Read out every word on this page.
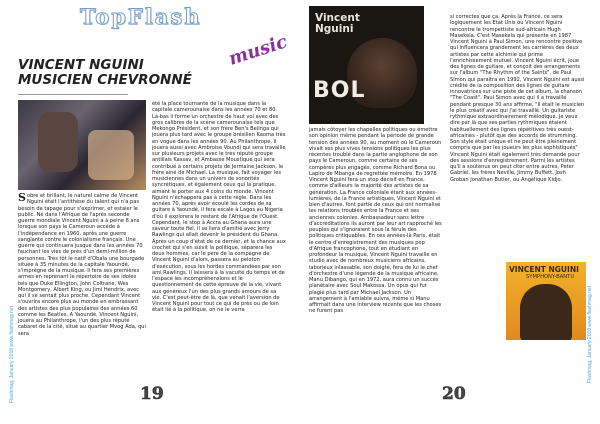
Flashmag, January 2018 www.flashmag.net
TopFlash
music
VINCENT NGUINI
MUSICIEN CHEVRONNÉ
Sobre et brillant, le naturel calme de Vincent Nguini était l'antithèse du talent qui n'a pas besoin de tapage pour s'exprimer, et estaier le public. Né dans l'Afrique de l'après seconde guerre mondiale Vincent Nguini a à peine 8 ans lorsque son pays le Cameroun accède à l'indépendance en 1960, après une guerre sanglante contre le colonialisme français. Une guerre qui continuera jusque dans les années 70 fauchant les vies de près d'un demi-million de personnes. Très tôt le natif d'Obala une bourgade située à 35 minutes de la capitale Yaoundé, s'imprègne de la musique. Il fera ses premières armes en reprenant le répertoire de ses idoles tels que Duke Ellington, John Coltrane, Wes Montgomery, Albert King, ou Jimi Hendrix, avec qui il se sentait plus proche. Cependant Vincent s'ouvrira encore plus au monde en embrassant des artistes des plus populaires des années 60 comme les Beatles. A Yaoundé, Vincent Nguini, jouera au Philanthrope, l'un des plus réputé cabaret de la cité, situé au quartier Mvog Ada, qui sera
été la place tournante de la musique dans la capitale camerounaise dans les années 70 et 80. Là-bas il forme un orchestre de haut vol avec des gros calibres de la scène camerounaise tels que Mekongo Président, et son frère Ben's Belinga qui jouera plus tard avec le groupe brésilien Kaoma très en vogue dans les années 90. Au Philanthrope, il jouera aussi avec Ambroise Voundi qui sera travaille sur plusieurs projets avec le très réputé groupe antillais Kassav, et Ambasse Moustique qui sera contribué à certains projets de Jermaine Jackson, le frère ainé de Michael. La musique, fait voyager les musiciennes dans un univers de sonorités syncrétiques, et également ceux qui la pratique, aimant le porter aux 4 coins du monde. Vincent Nguini n'échappera pas à cette règle. Dans les années 70, après avoir écoulé les cordes de sa guitare à Yaoundé, il fera escale à Lagos au Nigeria d'où il explorera le restant de l'Afrique de l'Ouest. Cependant, le stop à Accra au Ghana aura une saveur toute fiel. Il se liera d'amitié avec Jerry Rawlings qui allait devenir le président du Ghana. Après un coup d'état de ce dernier, et la chance aux crochet qui s'en suivit la politique, séparera les deux hommes, car le père de la compagne de Vincent Nguini d'alors, passera au peloton d'exécution, sous les hordes commandées par son ami Rawlings. Il laissera à la vacuité du temps et de l'espace les incompréhensions et le questionnement de cette épreuve de la vie, vivant aux généreux l'un des plus grands amours de sa vie. C'est peut-être de là, que venait l'aversion de Vincent Nguini pour tout ce qui de près ou de loin était lié à la politique, on ne le verra
19
Vincent
Nguini
BOL
jamais côtoyer les chapelles politiques ou émettre son opinion même pendant la période de grande tension des années 90, au moment où le Cameroun vivait ses plus vives tensions politiques les plus récentes troublé dans la partie anglophone de son pays le Cameroun, comme certains de ses compères plus engagés, comme Richard Bona ou Lapiro de Mbanga de regrettée mémoire. En 1978 Vincent Nguini fera un stop décisif en France, comme d'ailleurs la majorité des artistes de sa génération. La France coloniale étant aux années-lumières, de la France artistiques, Vincent Nguini et bien d'autres, font partie de ceux qui ont normalisé les relations troublés entre la France et ses anciennes colonies. Ambassadeur sans lettre d'accréditations ils auront par leur art rapproché les peuples qui s'ignoraient sous la férule des politiques critiquables. En ces années-là Paris, était le centre d'enregistrement des musiques pop d'Afrique francophone, tout en étudiant en profondeur la musique, Vincent Nguini travaille en studio avec de nombreux musiciens africains, laborieux inlassable, son doigté, fera de lui le chef d'orchestre d'une légende de la musique africaine, Manu Dibango, qui en 1972, aura connu un succès planétaire avec Soul Makossa. Un opus qui fut plagié plus tard par Michael Jackson. Un arrangement à l'amiable suivra, même si Manu affirmait dans une interview récente que les choses ne furent pas
si correctes que ça. Après la France, ce sera logiquement les Etat Unis ou Vincent Nguini rencontre le trompettiste sud-africain Hugh Masekela. C'est Masekela qui présente en 1987 Vincent Nguini à Paul Simon, une rencontre positive qui influencera grandement les carrières des deux artistes par cette alchimie qui prime l'enrichissement mutuel. Vincent Nguini écrit, joue des lignes de guitare, et conçoit des arrangements sur l'album "The Rhythm of the Saints", de Paul Simon qui paraitra en 1992, Vincent Nguini est aussi crédité de la composition des lignes de guitare innovatrices sur une piste de cet album, la chanson "The Coast". Paul Simon avec qui il a travaillé pendant presque 30 ans affirme, "Il était le musicien le plus créatif avec qui j'ai travaillé. Un guitariste rythmique extraordinairement mélodique. Je veux dire par là que ses parties rythmiques étaient habituellement des lignes répétitives très ouest-africaines - plutôt que des accords de strumming. Son style était unique et ne peut être pleinement compris que par les joueurs les plus sophistiqués" Vincent Nguini était également très demandé pour des sessions d'enregistrement. Parmi les artistes qu'il a soutenus on peut citer entre autres, Peter Gabriel, les frères Neville, Jimmy Buffett, Josh Groban Jonathan Butler, ou Angélique Kidjo.
VINCENT NGUINI
SYMPHONY-BANTU
20
Flashmag, January 2018 www.flashmag.net
